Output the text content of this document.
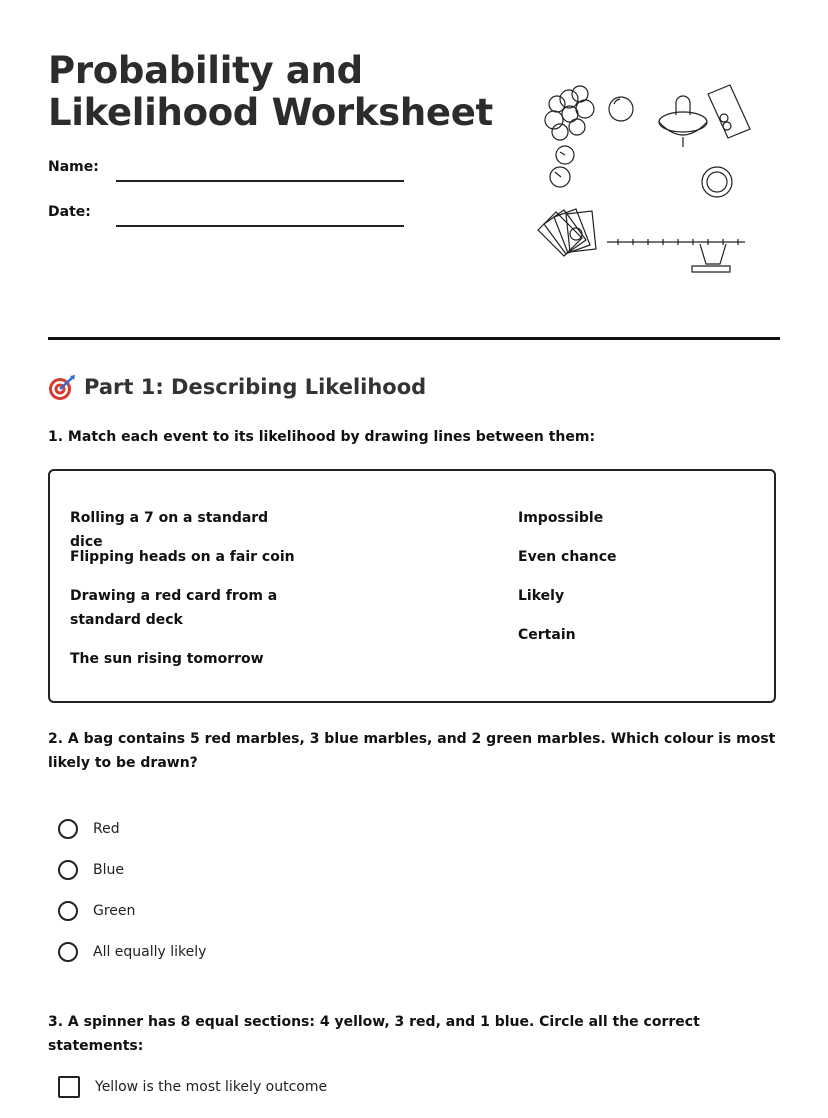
Probability and
Likelihood Worksheet
Name:
Date:
Part 1: Describing Likelihood

1. Match each event to its likelihood by drawing lines between them:

Rolling a 7 on a standard dice
Flipping heads on a fair coin
Drawing a red card from a standard deck
The sun rising tomorrow
Impossible
Even chance
Likely
Certain

2. A bag contains 5 red marbles, 3 blue marbles, and 2 green marbles. Which colour is most likely to be drawn?

Red
Blue
Green
All equally likely

3. A spinner has 8 equal sections: 4 yellow, 3 red, and 1 blue. Circle all the correct statements:

Yellow is the most likely outcome
